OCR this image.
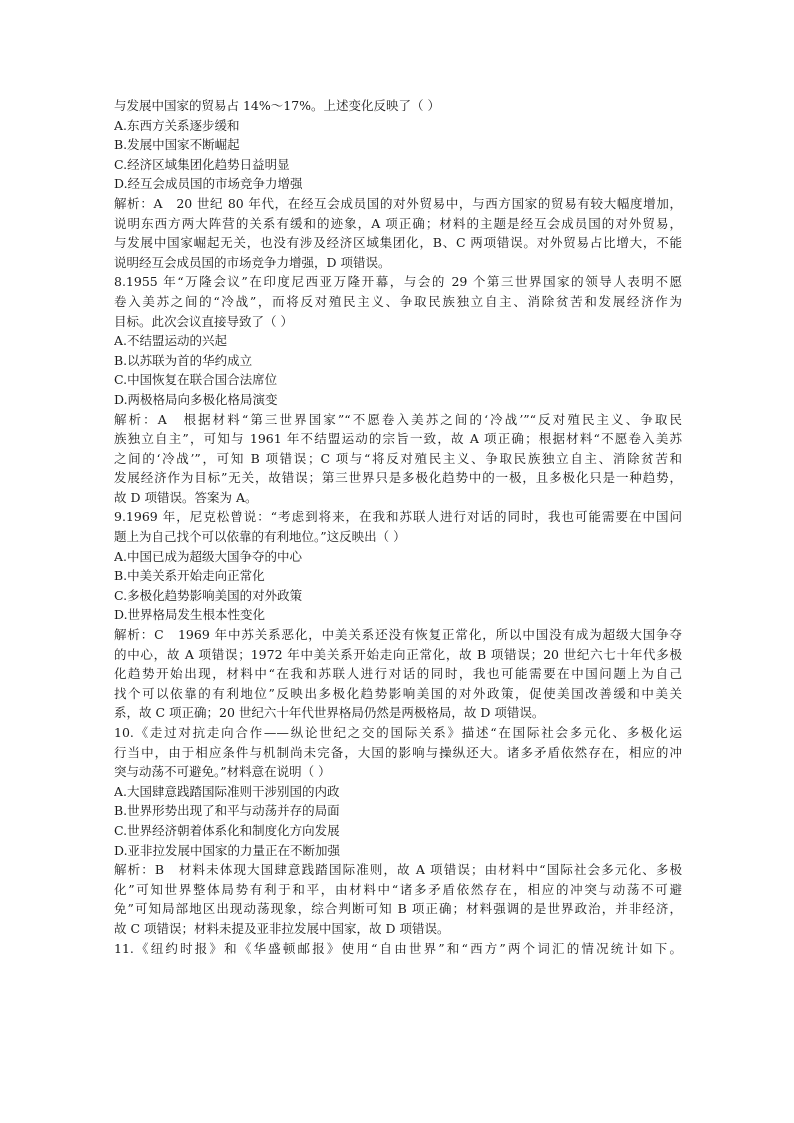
与发展中国家的贸易占 14%～17%。上述变化反映了（ ）
A.东西方关系逐步缓和
B.发展中国家不断崛起
C.经济区域集团化趋势日益明显
D.经互会成员国的市场竞争力增强
解析：A　20 世纪 80 年代，在经互会成员国的对外贸易中，与西方国家的贸易有较大幅度增加，
说明东西方两大阵营的关系有缓和的迹象，A 项正确；材料的主题是经互会成员国的对外贸易，
与发展中国家崛起无关，也没有涉及经济区域集团化，B、C 两项错误。对外贸易占比增大，不能
说明经互会成员国的市场竞争力增强，D 项错误。
8.1955 年“万隆会议”在印度尼西亚万隆开幕，与会的 29 个第三世界国家的领导人表明不愿
卷入美苏之间的“冷战”，而将反对殖民主义、争取民族独立自主、消除贫苦和发展经济作为
目标。此次会议直接导致了（ ）
A.不结盟运动的兴起
B.以苏联为首的华约成立
C.中国恢复在联合国合法席位
D.两极格局向多极化格局演变
解析：A　根据材料“第三世界国家”“不愿卷入美苏之间的‘冷战’”“反对殖民主义、争取民
族独立自主”，可知与 1961 年不结盟运动的宗旨一致，故 A 项正确；根据材料“不愿卷入美苏
之间的‘冷战’”，可知 B 项错误；C 项与“将反对殖民主义、争取民族独立自主、消除贫苦和
发展经济作为目标”无关，故错误；第三世界只是多极化趋势中的一极，且多极化只是一种趋势，
故 D 项错误。答案为 A。
9.1969 年，尼克松曾说：“考虑到将来，在我和苏联人进行对话的同时，我也可能需要在中国问
题上为自己找个可以依靠的有利地位。”这反映出（ ）
A.中国已成为超级大国争夺的中心
B.中美关系开始走向正常化
C.多极化趋势影响美国的对外政策
D.世界格局发生根本性变化
解析：C　1969 年中苏关系恶化，中美关系还没有恢复正常化，所以中国没有成为超级大国争夺
的中心，故 A 项错误；1972 年中美关系开始走向正常化，故 B 项错误；20 世纪六七十年代多极
化趋势开始出现，材料中“在我和苏联人进行对话的同时，我也可能需要在中国问题上为自己
找个可以依靠的有利地位”反映出多极化趋势影响美国的对外政策，促使美国改善缓和中美关
系，故 C 项正确；20 世纪六十年代世界格局仍然是两极格局，故 D 项错误。
10.《走过对抗走向合作——纵论世纪之交的国际关系》描述“在国际社会多元化、多极化运
行当中，由于相应条件与机制尚未完备，大国的影响与操纵还大。诸多矛盾依然存在，相应的冲
突与动荡不可避免。”材料意在说明（ ）
A.大国肆意践踏国际准则干涉别国的内政
B.世界形势出现了和平与动荡并存的局面
C.世界经济朝着体系化和制度化方向发展
D.亚非拉发展中国家的力量正在不断加强
解析：B　材料未体现大国肆意践踏国际准则，故 A 项错误；由材料中“国际社会多元化、多极
化”可知世界整体局势有利于和平，由材料中“诸多矛盾依然存在，相应的冲突与动荡不可避
免”可知局部地区出现动荡现象，综合判断可知 B 项正确；材料强调的是世界政治，并非经济，
故 C 项错误；材料未提及亚非拉发展中国家，故 D 项错误。
11.《纽约时报》和《华盛顿邮报》使用“自由世界”和“西方”两个词汇的情况统计如下。
